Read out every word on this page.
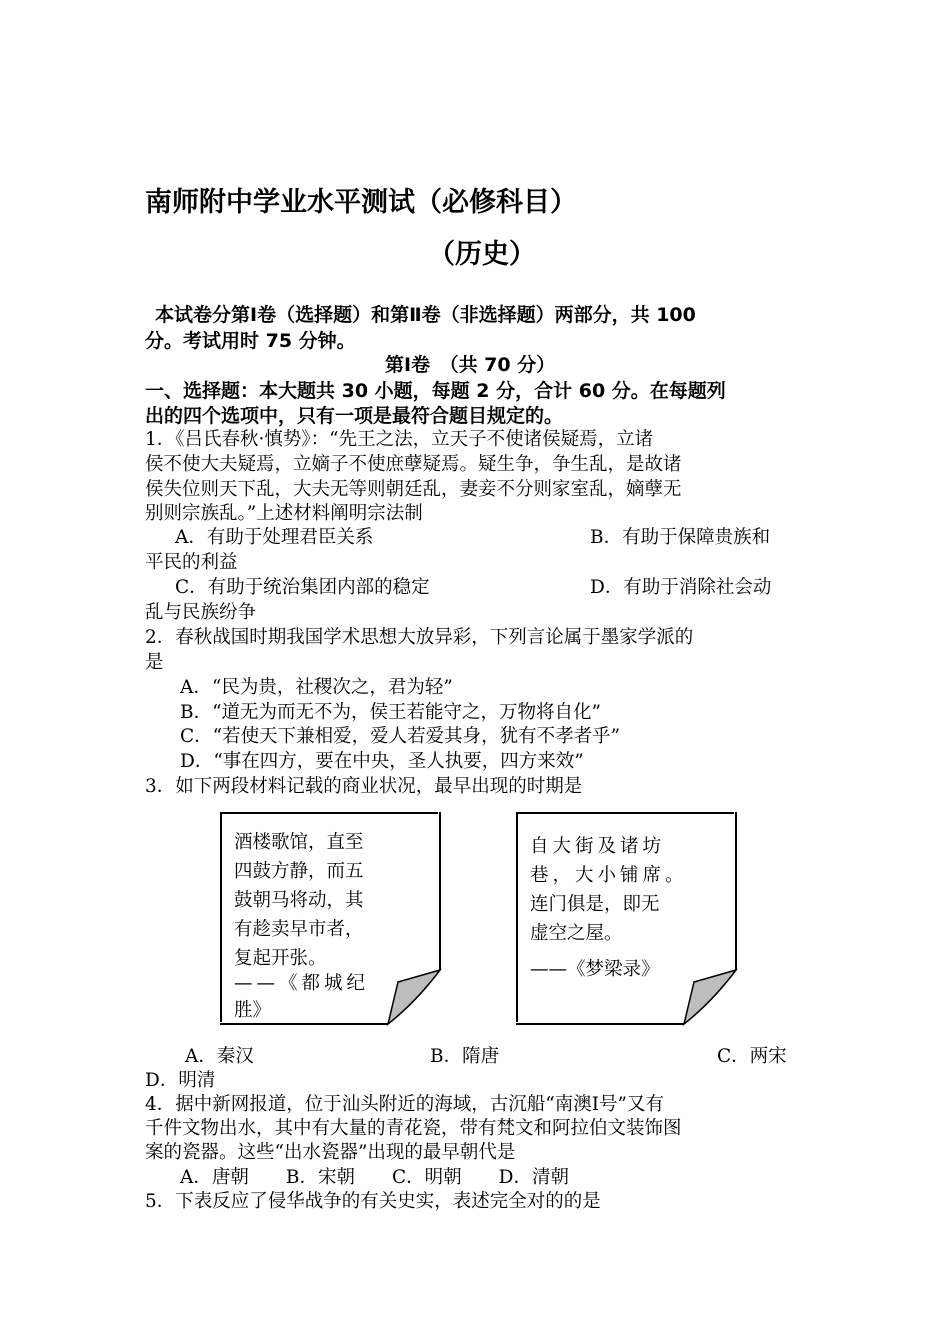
南师附中学业水平测试（必修科目）
（历史）
本试卷分第Ⅰ卷（选择题）和第Ⅱ卷（非选择题）两部分，共 100
分。考试用时 75 分钟。
第Ⅰ卷　（共 70 分）
一、选择题：本大题共 30 小题，每题 2 分，合计 60 分。在每题列
出的四个选项中，只有一项是最符合题目规定的。
1．《吕氏春秋·慎势》：“先王之法，立天子不使诸侯疑焉，立诸
侯不使大夫疑焉，立嫡子不使庶孽疑焉。疑生争，争生乱，是故诸
侯失位则天下乱，大夫无等则朝廷乱，妻妾不分则家室乱，嫡孽无
别则宗族乱。”上述材料阐明宗法制
A．有助于处理君臣关系	B．有助于保障贵族和
平民的利益
C．有助于统治集团内部的稳定	D．有助于消除社会动
乱与民族纷争
2．春秋战国时期我国学术思想大放异彩，下列言论属于墨家学派的
是
A．“民为贵，社稷次之，君为轻”
B．“道无为而无不为，侯王若能守之，万物将自化”
C．“若使天下兼相爱，爱人若爱其身，犹有不孝者乎”
D．“事在四方，要在中央，圣人执要，四方来效”
3．如下两段材料记载的商业状况，最早出现的时期是
酒楼歌馆，直至
四鼓方静，而五
鼓朝马将动，其
有趁卖早市者，
复起开张。
——《都城纪
胜》
自大街及诸坊
巷，大小铺席。
连门俱是，即无
虚空之屋。
——《梦梁录》
A．秦汉	B．隋唐	C．两宋
D．明清
4．据中新网报道，位于汕头附近的海域，古沉船“南澳Ⅰ号”又有
千件文物出水，其中有大量的青花瓷，带有梵文和阿拉伯文装饰图
案的瓷器。这些“出水瓷器”出现的最早朝代是
A．唐朝　　B．宋朝　　C．明朝　　D．清朝
5．下表反应了侵华战争的有关史实，表述完全对的的是
